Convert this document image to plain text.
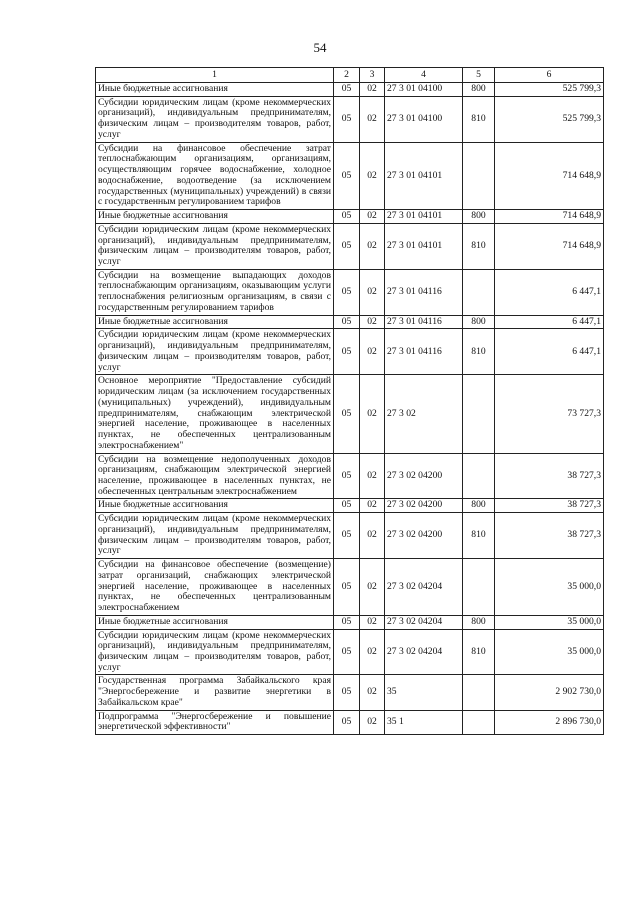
54
1	2	3	4	5	6
Иные бюджетные ассигнования	05	02	27 3 01 04100	800	525 799,3
Субсидии юридическим лицам (кроме некоммерческих организаций), индивидуальным предпринимателям, физическим лицам – производителям товаров, работ, услуг	05	02	27 3 01 04100	810	525 799,3
Субсидии на финансовое обеспечение затрат теплоснабжающим организациям, организациям, осуществляющим горячее водоснабжение, холодное водоснабжение, водоотведение (за исключением государственных (муниципальных) учреждений) в связи с государственным регулированием тарифов	05	02	27 3 01 04101		714 648,9
Иные бюджетные ассигнования	05	02	27 3 01 04101	800	714 648,9
Субсидии юридическим лицам (кроме некоммерческих организаций), индивидуальным предпринимателям, физическим лицам – производителям товаров, работ, услуг	05	02	27 3 01 04101	810	714 648,9
Субсидии на возмещение выпадающих доходов теплоснабжающим организациям, оказывающим услуги теплоснабжения религиозным организациям, в связи с государственным регулированием тарифов	05	02	27 3 01 04116		6 447,1
Иные бюджетные ассигнования	05	02	27 3 01 04116	800	6 447,1
Субсидии юридическим лицам (кроме некоммерческих организаций), индивидуальным предпринимателям, физическим лицам – производителям товаров, работ, услуг	05	02	27 3 01 04116	810	6 447,1
Основное мероприятие "Предоставление субсидий юридическим лицам (за исключением государственных (муниципальных) учреждений), индивидуальным предпринимателям, снабжающим электрической энергией население, проживающее в населенных пунктах, не обеспеченных централизованным электроснабжением"	05	02	27 3 02		73 727,3
Субсидии на возмещение недополученных доходов организациям, снабжающим электрической энергией население, проживающее в населенных пунктах, не обеспеченных центральным электроснабжением	05	02	27 3 02 04200		38 727,3
Иные бюджетные ассигнования	05	02	27 3 02 04200	800	38 727,3
Субсидии юридическим лицам (кроме некоммерческих организаций), индивидуальным предпринимателям, физическим лицам – производителям товаров, работ, услуг	05	02	27 3 02 04200	810	38 727,3
Субсидии на финансовое обеспечение (возмещение) затрат организаций, снабжающих электрической энергией население, проживающее в населенных пунктах, не обеспеченных централизованным электроснабжением	05	02	27 3 02 04204		35 000,0
Иные бюджетные ассигнования	05	02	27 3 02 04204	800	35 000,0
Субсидии юридическим лицам (кроме некоммерческих организаций), индивидуальным предпринимателям, физическим лицам – производителям товаров, работ, услуг	05	02	27 3 02 04204	810	35 000,0
Государственная программа Забайкальского края "Энергосбережение и развитие энергетики в Забайкальском крае"	05	02	35		2 902 730,0
Подпрограмма "Энергосбережение и повышение энергетической эффективности"	05	02	35 1		2 896 730,0
